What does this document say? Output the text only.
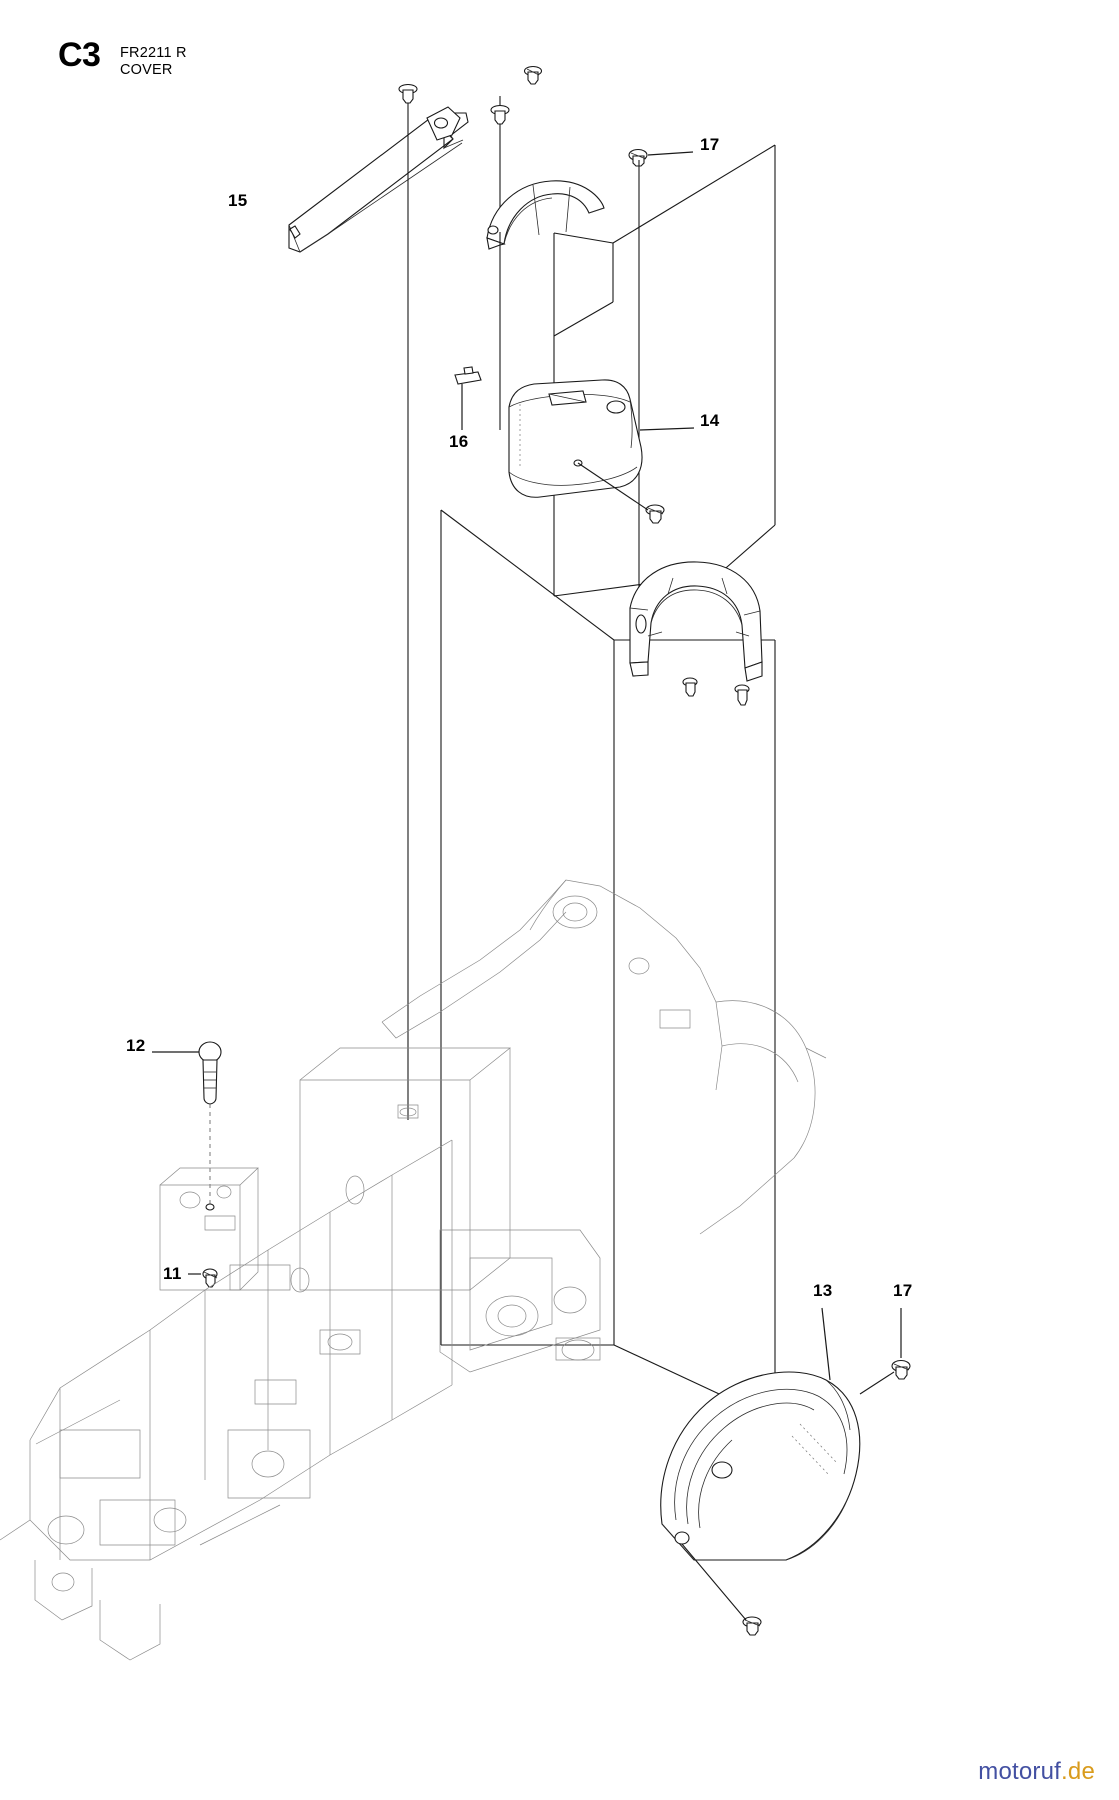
C3 FR2211 R
COVER
15
17
14
16
12
11
13	17
motoruf.de
